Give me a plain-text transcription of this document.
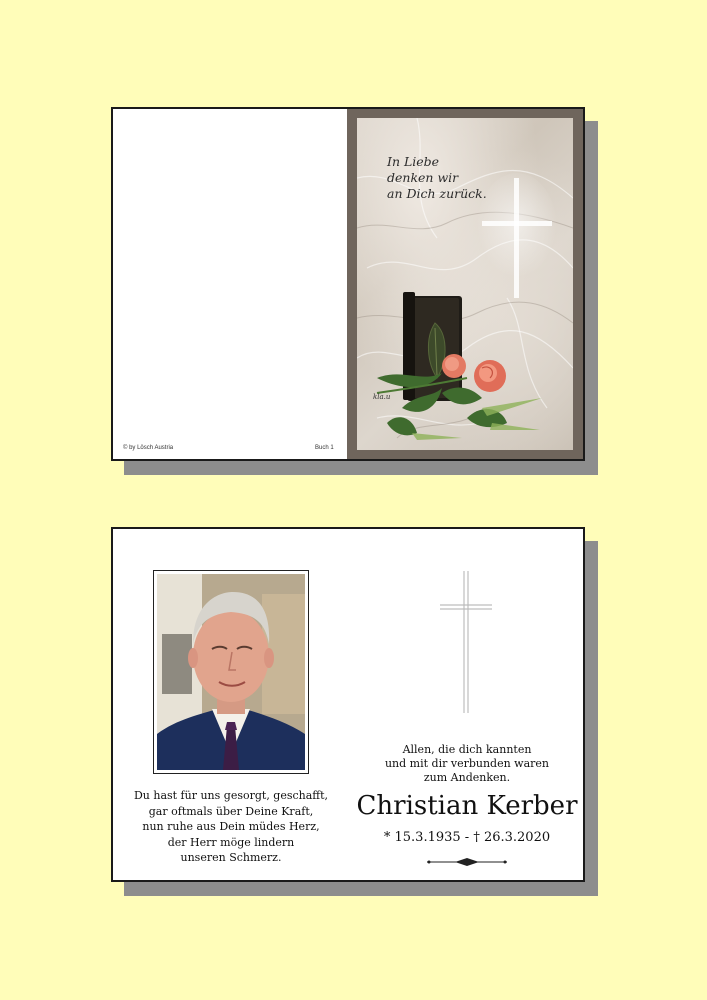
© by Lösch Austria	Buch 1
In Liebe
denken wir
an Dich zurück.
kla.u
Du hast für uns gesorgt, geschafft,
gar oftmals über Deine Kraft,
nun ruhe aus Dein müdes Herz,
der Herr möge lindern
unseren Schmerz.
Allen, die dich kannten
und mit dir verbunden waren
zum Andenken.
Christian Kerber
* 15.3.1935 - † 26.3.2020
